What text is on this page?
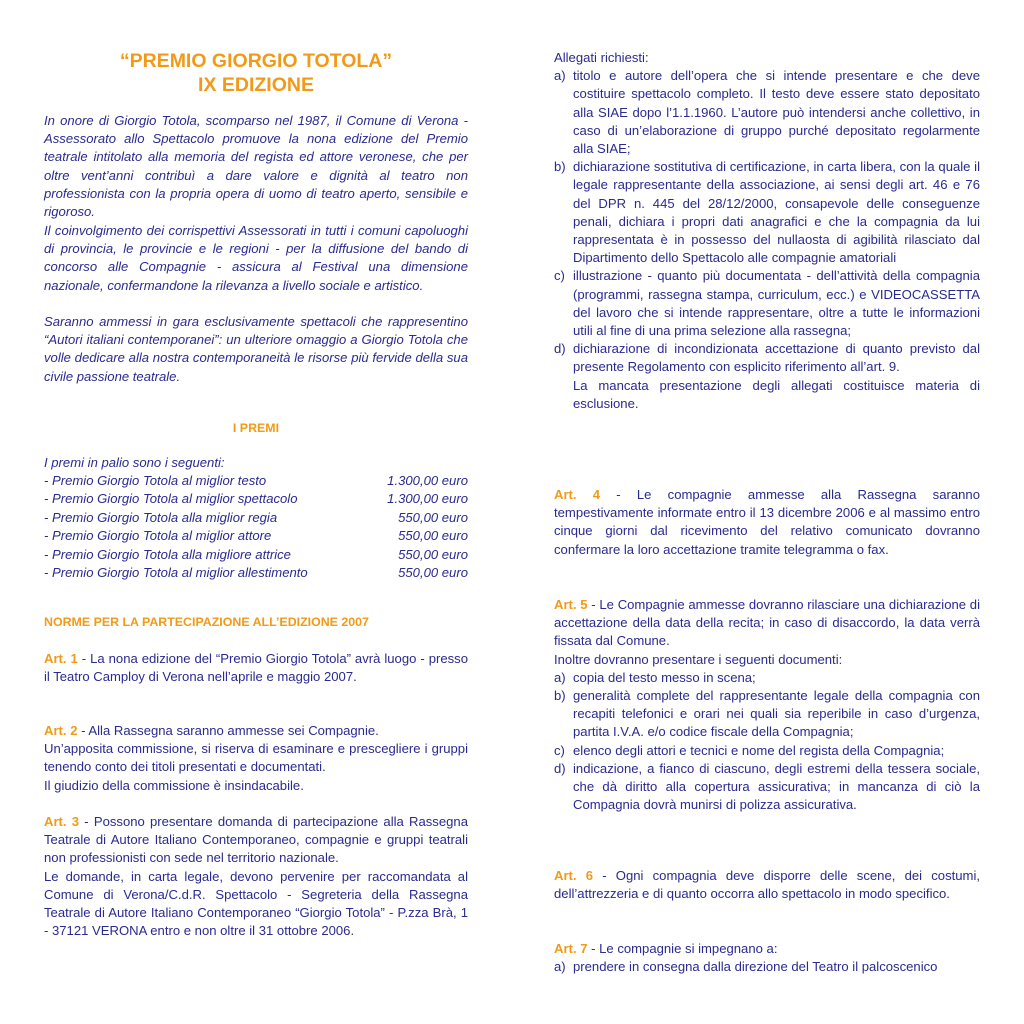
“PREMIO GIORGIO TOTOLA”
IX EDIZIONE
In onore di Giorgio Totola, scomparso nel 1987, il Comune di Verona - Assessorato allo Spettacolo promuove la nona edizione del Premio teatrale intitolato alla memoria del regista ed attore veronese, che per oltre vent’anni contribuì a dare valore e dignità al teatro non professionista con la propria opera di uomo di teatro aperto, sensibile e rigoroso.
Il coinvolgimento dei corrispettivi Assessorati in tutti i comuni capoluoghi di provincia, le provincie e le regioni - per la diffusione del bando di concorso alle Compagnie - assicura al Festival una dimensione nazionale, confermandone la rilevanza a livello sociale e artistico.
Saranno ammessi in gara esclusivamente spettacoli che rappresentino “Autori italiani contemporanei”: un ulteriore omaggio a Giorgio Totola che volle dedicare alla nostra contemporaneità le risorse più fervide della sua civile passione teatrale.
I PREMI
I premi in palio sono i seguenti:
- Premio Giorgio Totola al miglior testo	1.300,00 euro
- Premio Giorgio Totola al miglior spettacolo	1.300,00 euro
- Premio Giorgio Totola alla miglior regia	550,00 euro
- Premio Giorgio Totola al miglior attore	550,00 euro
- Premio Giorgio Totola alla migliore attrice	550,00 euro
- Premio Giorgio Totola al miglior allestimento	550,00 euro
NORME PER LA PARTECIPAZIONE ALL’EDIZIONE 2007
Art. 1 - La nona edizione del “Premio Giorgio Totola” avrà luogo - presso il Teatro Camploy di Verona nell’aprile e maggio 2007.
Art. 2 - Alla Rassegna saranno ammesse sei Compagnie.
Un’apposita commissione, si riserva di esaminare e prescegliere i gruppi tenendo conto dei titoli presentati e documentati.
Il giudizio della commissione è insindacabile.
Art. 3 - Possono presentare domanda di partecipazione alla Rassegna Teatrale di Autore Italiano Contemporaneo, compagnie e gruppi teatrali non professionisti con sede nel territorio nazionale.
Le domande, in carta legale, devono pervenire per raccomandata al Comune di Verona/C.d.R. Spettacolo - Segreteria della Rassegna Teatrale di Autore Italiano Contemporaneo “Giorgio Totola” - P.zza Brà, 1 - 37121 VERONA entro e non oltre il 31 ottobre 2006.
Allegati richiesti:
a) titolo e autore dell’opera che si intende presentare e che deve costituire spettacolo completo. Il testo deve essere stato depositato alla SIAE dopo l’1.1.1960. L’autore può intendersi anche collettivo, in caso di un’elaborazione di gruppo purché depositato regolarmente alla SIAE;
b) dichiarazione sostitutiva di certificazione, in carta libera, con la quale il legale rappresentante della associazione, ai sensi degli art. 46 e 76 del DPR n. 445 del 28/12/2000, consapevole delle conseguenze penali, dichiara i propri dati anagrafici e che la compagnia da lui rappresentata è in possesso del nullaosta di agibilità rilasciato dal Dipartimento dello Spettacolo alle compagnie amatoriali
c) illustrazione - quanto più documentata - dell’attività della compagnia (programmi, rassegna stampa, curriculum, ecc.) e VIDEOCASSETTA del lavoro che si intende rappresentare, oltre a tutte le informazioni utili al fine di una prima selezione alla rassegna;
d) dichiarazione di incondizionata accettazione di quanto previsto dal presente Regolamento con esplicito riferimento all’art. 9.
La mancata presentazione degli allegati costituisce materia di esclusione.
Art. 4 - Le compagnie ammesse alla Rassegna saranno tempestivamente informate entro il 13 dicembre 2006 e al massimo entro cinque giorni dal ricevimento del relativo comunicato dovranno confermare la loro accettazione tramite telegramma o fax.
Art. 5 - Le Compagnie ammesse dovranno rilasciare una dichiarazione di accettazione della data della recita; in caso di disaccordo, la data verrà fissata dal Comune.
Inoltre dovranno presentare i seguenti documenti:
a) copia del testo messo in scena;
b) generalità complete del rappresentante legale della compagnia con recapiti telefonici e orari nei quali sia reperibile in caso d’urgenza, partita I.V.A. e/o codice fiscale della Compagnia;
c) elenco degli attori e tecnici e nome del regista della Compagnia;
d) indicazione, a fianco di ciascuno, degli estremi della tessera sociale, che dà diritto alla copertura assicurativa; in mancanza di ciò la Compagnia dovrà munirsi di polizza assicurativa.
Art. 6 - Ogni compagnia deve disporre delle scene, dei costumi, dell’attrezzeria e di quanto occorra allo spettacolo in modo specifico.
Art. 7 - Le compagnie si impegnano a:
a) prendere in consegna dalla direzione del Teatro il palcoscenico
